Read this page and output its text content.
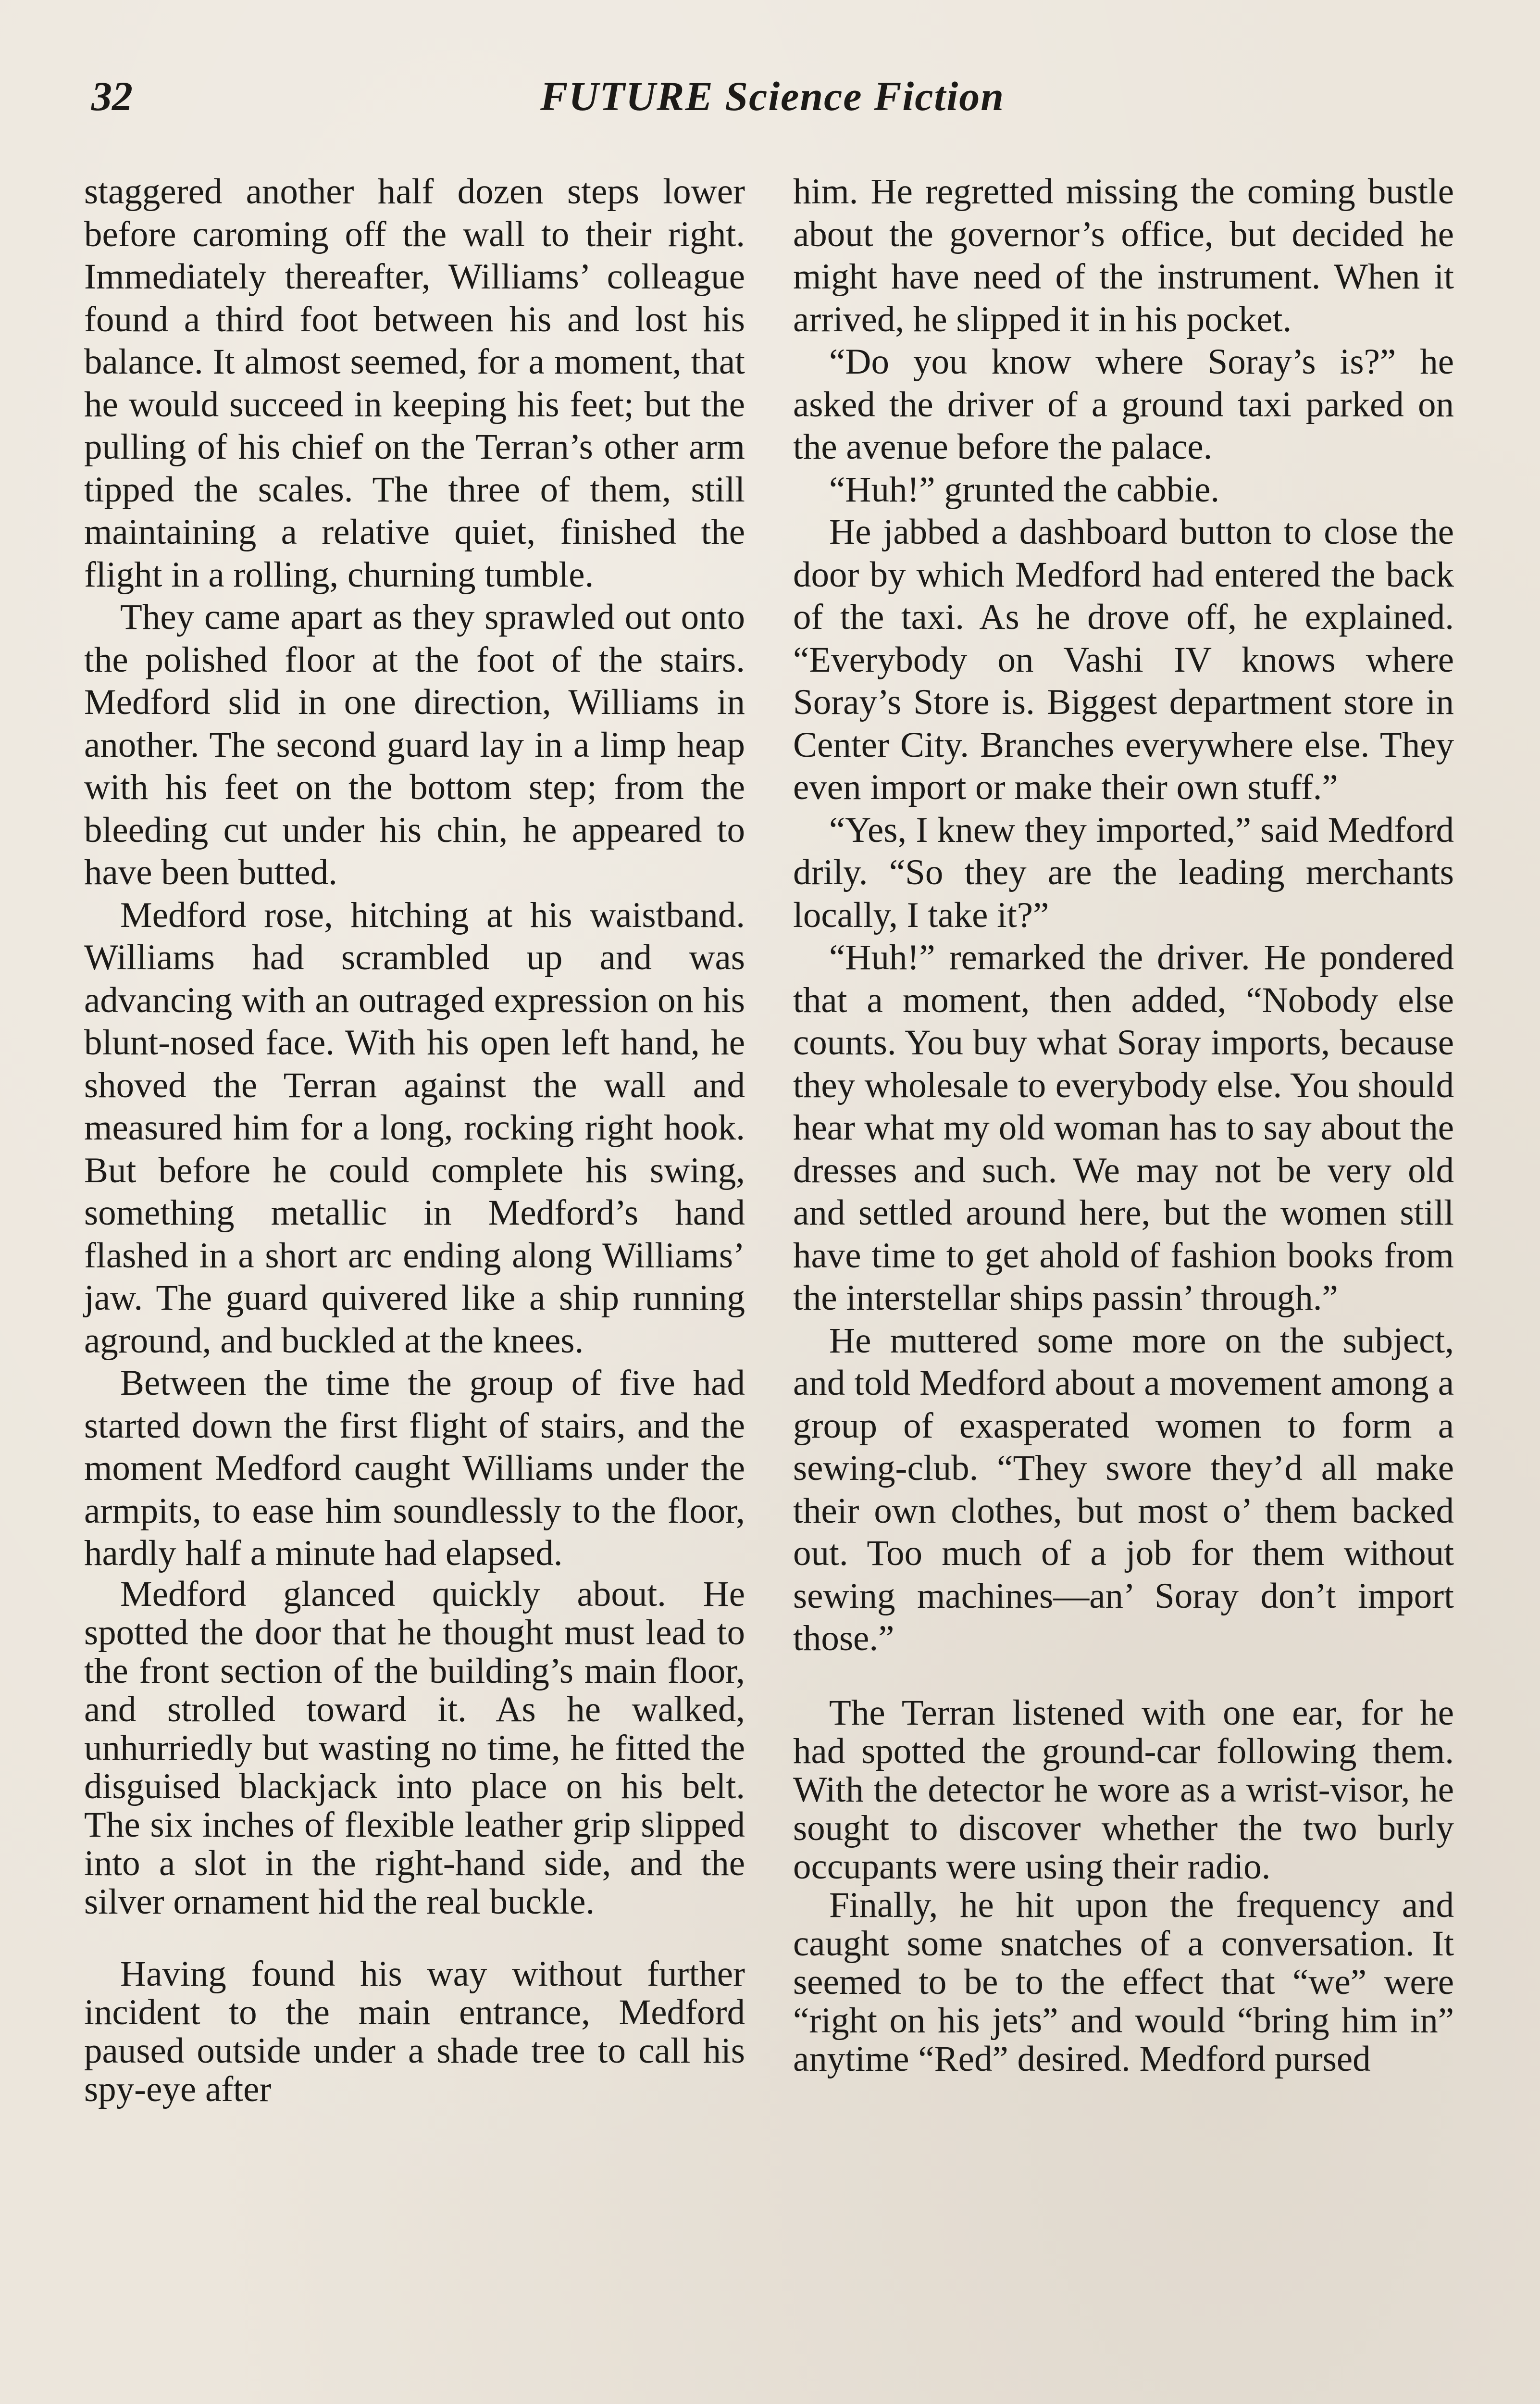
32	FUTURE Science Fiction

staggered another half dozen steps lower before caroming off the wall to their right. Immediately thereafter, Williams’ colleague found a third foot between his and lost his balance. It almost seemed, for a moment, that he would succeed in keeping his feet; but the pulling of his chief on the Terran’s other arm tipped the scales. The three of them, still maintaining a relative quiet, finished the flight in a rolling, churning tumble.

They came apart as they sprawled out onto the polished floor at the foot of the stairs. Medford slid in one direction, Williams in another. The second guard lay in a limp heap with his feet on the bottom step; from the bleeding cut under his chin, he appeared to have been butted.

Medford rose, hitching at his waistband. Williams had scrambled up and was advancing with an outraged expression on his blunt-nosed face. With his open left hand, he shoved the Terran against the wall and measured him for a long, rocking right hook. But before he could complete his swing, something metallic in Medford’s hand flashed in a short arc ending along Williams’ jaw. The guard quivered like a ship running aground, and buckled at the knees.

Between the time the group of five had started down the first flight of stairs, and the moment Medford caught Williams under the armpits, to ease him soundlessly to the floor, hardly half a minute had elapsed.

Medford glanced quickly about. He spotted the door that he thought must lead to the front section of the building’s main floor, and strolled toward it. As he walked, unhurriedly but wasting no time, he fitted the disguised blackjack into place on his belt. The six inches of flexible leather grip slipped into a slot in the right-hand side, and the silver ornament hid the real buckle.

Having found his way without further incident to the main entrance, Medford paused outside under a shade tree to call his spy-eye after

him. He regretted missing the coming bustle about the governor’s office, but decided he might have need of the instrument. When it arrived, he slipped it in his pocket.

“Do you know where Soray’s is?” he asked the driver of a ground taxi parked on the avenue before the palace.

“Huh!” grunted the cabbie.

He jabbed a dashboard button to close the door by which Medford had entered the back of the taxi. As he drove off, he explained. “Everybody on Vashi IV knows where Soray’s Store is. Biggest department store in Center City. Branches everywhere else. They even import or make their own stuff.”

“Yes, I knew they imported,” said Medford drily. “So they are the leading merchants locally, I take it?”

“Huh!” remarked the driver. He pondered that a moment, then added, “Nobody else counts. You buy what Soray imports, because they wholesale to everybody else. You should hear what my old woman has to say about the dresses and such. We may not be very old and settled around here, but the women still have time to get ahold of fashion books from the interstellar ships passin’ through.”

He muttered some more on the subject, and told Medford about a movement among a group of exasperated women to form a sewing-club. “They swore they’d all make their own clothes, but most o’ them backed out. Too much of a job for them without sewing machines—an’ Soray don’t import those.”

The Terran listened with one ear, for he had spotted the ground-car following them. With the detector he wore as a wrist-visor, he sought to discover whether the two burly occupants were using their radio.

Finally, he hit upon the frequency and caught some snatches of a conversation. It seemed to be to the effect that “we” were “right on his jets” and would “bring him in” anytime “Red” desired. Medford pursed
